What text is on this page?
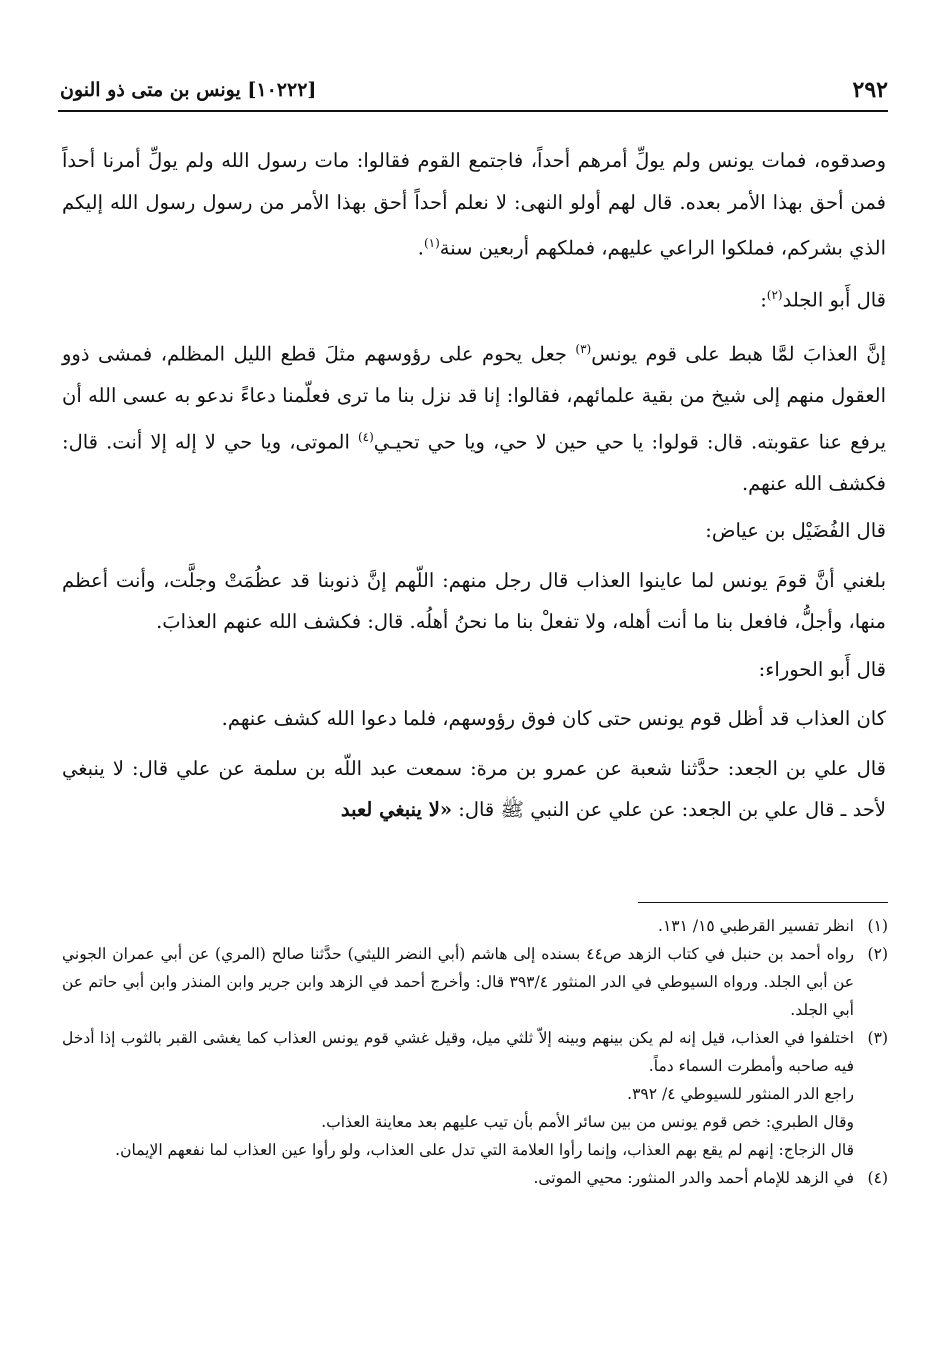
٢٩٢
[١٠٢٢٢] يونس بن متى ذو النون

وصدقوه، فمات يونس ولم يولِّ أمرهم أحداً، فاجتمع القوم فقالوا: مات رسول الله ولم يولِّ أمرنا أحداً فمن أحق بهذا الأمر بعده. قال لهم أولو النهى: لا نعلم أحداً أحق بهذا الأمر من رسول رسول الله إليكم الذي بشركم، فملكوا الراعي عليهم، فملكهم أربعين سنة$^{(١)}$.

قال أَبو الجلد$^{(٢)}$:

إنَّ العذابَ لمَّا هبط على قوم يونس$^{(٣)}$ جعل يحوم على رؤوسهم مثلَ قطع الليل المظلم، فمشى ذوو العقول منهم إلى شيخ من بقية علمائهم، فقالوا: إنا قد نزل بنا ما ترى فعلّمنا دعاءً ندعو به عسى الله أن يرفع عنا عقوبته. قال: قولوا: يا حي حين لا حي، ويا حي تحيـي$^{(٤)}$ الموتى، ويا حي لا إله إلا أنت. قال: فكشف الله عنهم.

قال الفُضَيْل بن عياض:

بلغني أنَّ قومَ يونس لما عاينوا العذاب قال رجل منهم: اللّهم إنَّ ذنوبنا قد عظُمَتْ وجلَّت، وأنت أعظم منها، وأجلُّ، فافعل بنا ما أنت أهله، ولا تفعلْ بنا ما نحنُ أهلُه. قال: فكشف الله عنهم العذابَ.

قال أَبو الحوراء:

كان العذاب قد أظل قوم يونس حتى كان فوق رؤوسهم، فلما دعوا الله كشف عنهم.

قال علي بن الجعد: حدَّثنا شعبة عن عمرو بن مرة: سمعت عبد اللّه بن سلمة عن علي قال: لا ينبغي لأحد ـ قال علي بن الجعد: عن علي عن النبي ﷺ قال: «لا ينبغي لعبد

(١)
انظر تفسير القرطبي ١٥/ ١٣١.
(٢)
رواه أحمد بن حنبل في كتاب الزهد ص٤٤ بسنده إلى هاشم (أبي النضر الليثي) حدَّثنا صالح (المري) عن أبي عمران الجوني عن أبي الجلد. ورواه السيوطي في الدر المنثور ٣٩٣/٤ قال: وأخرج أحمد في الزهد وابن جرير وابن المنذر وابن أبي حاتم عن أبي الجلد.
(٣)
اختلفوا في العذاب، قيل إنه لم يكن بينهم وبينه إلاّ ثلثي ميل، وقيل غشي قوم يونس العذاب كما يغشى القبر بالثوب إذا أدخل فيه صاحبه وأمطرت السماء دماً.
راجع الدر المنثور للسيوطي ٤/ ٣٩٢.
وقال الطبري: خص قوم يونس من بين سائر الأمم بأن تيب عليهم بعد معاينة العذاب.
قال الزجاج: إنهم لم يقع بهم العذاب، وإنما رأوا العلامة التي تدل على العذاب، ولو رأوا عين العذاب لما نفعهم الإيمان.
(٤)
في الزهد للإمام أحمد والدر المنثور: محيي الموتى.
